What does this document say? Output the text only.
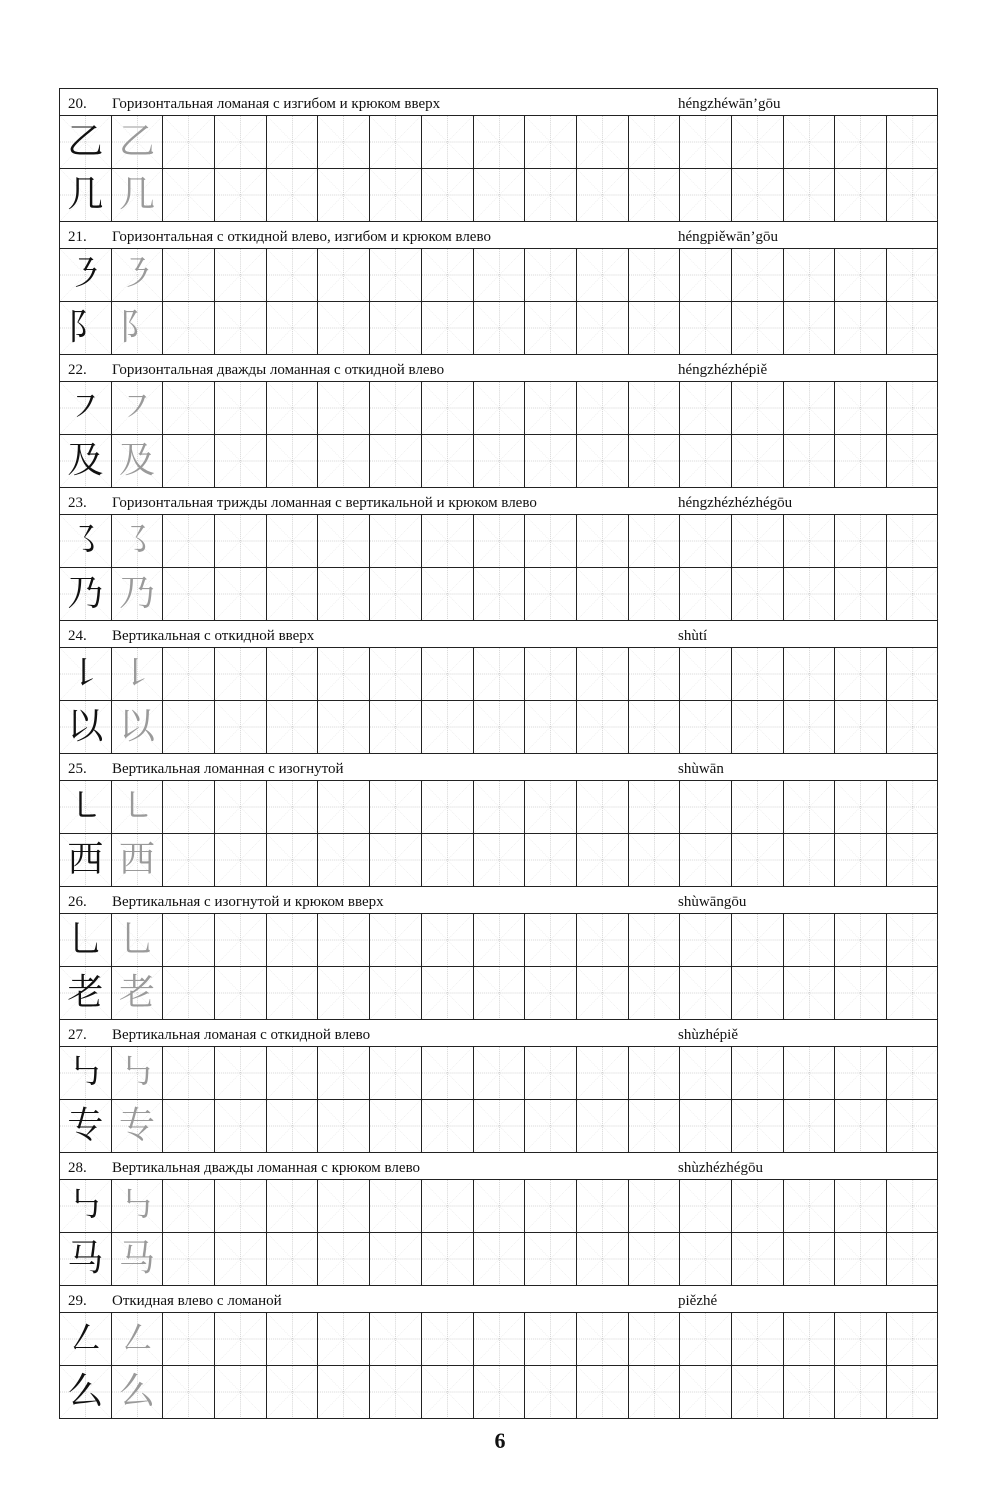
20. Горизонтальная ломаная с изгибом и крюком вверх	héngzhéwān’gōu
乙 乙
几 几
21. Горизонтальная с откидной влево, изгибом и крюком влево	héngpiěwān’gōu
㇋ ㇋
阝 阝
22. Горизонтальная дважды ломанная с откидной влево	héngzhézhépiě
㇇ ㇇
及 及
23. Горизонтальная трижды ломанная с вертикальной и крюком влево	héngzhézhézhégōu
㇌ ㇌
乃 乃
24. Вертикальная с откидной вверх	shùtí
㇙ ㇙
以 以
25. Вертикальная ломанная с изогнутой	shùwān
㇄ ㇄
西 西
26. Вертикальная с изогнутой и крюком вверх	shùwāngōu
乚 乚
老 老
27. Вертикальная ломаная с откидной влево	shùzhépiě
㇉ ㇉
专 专
28. Вертикальная дважды ломанная с крюком влево	shùzhézhégōu
㇉ ㇉
马 马
29. Откидная влево с ломаной	piězhé
㇜ ㇜
么 么
6
